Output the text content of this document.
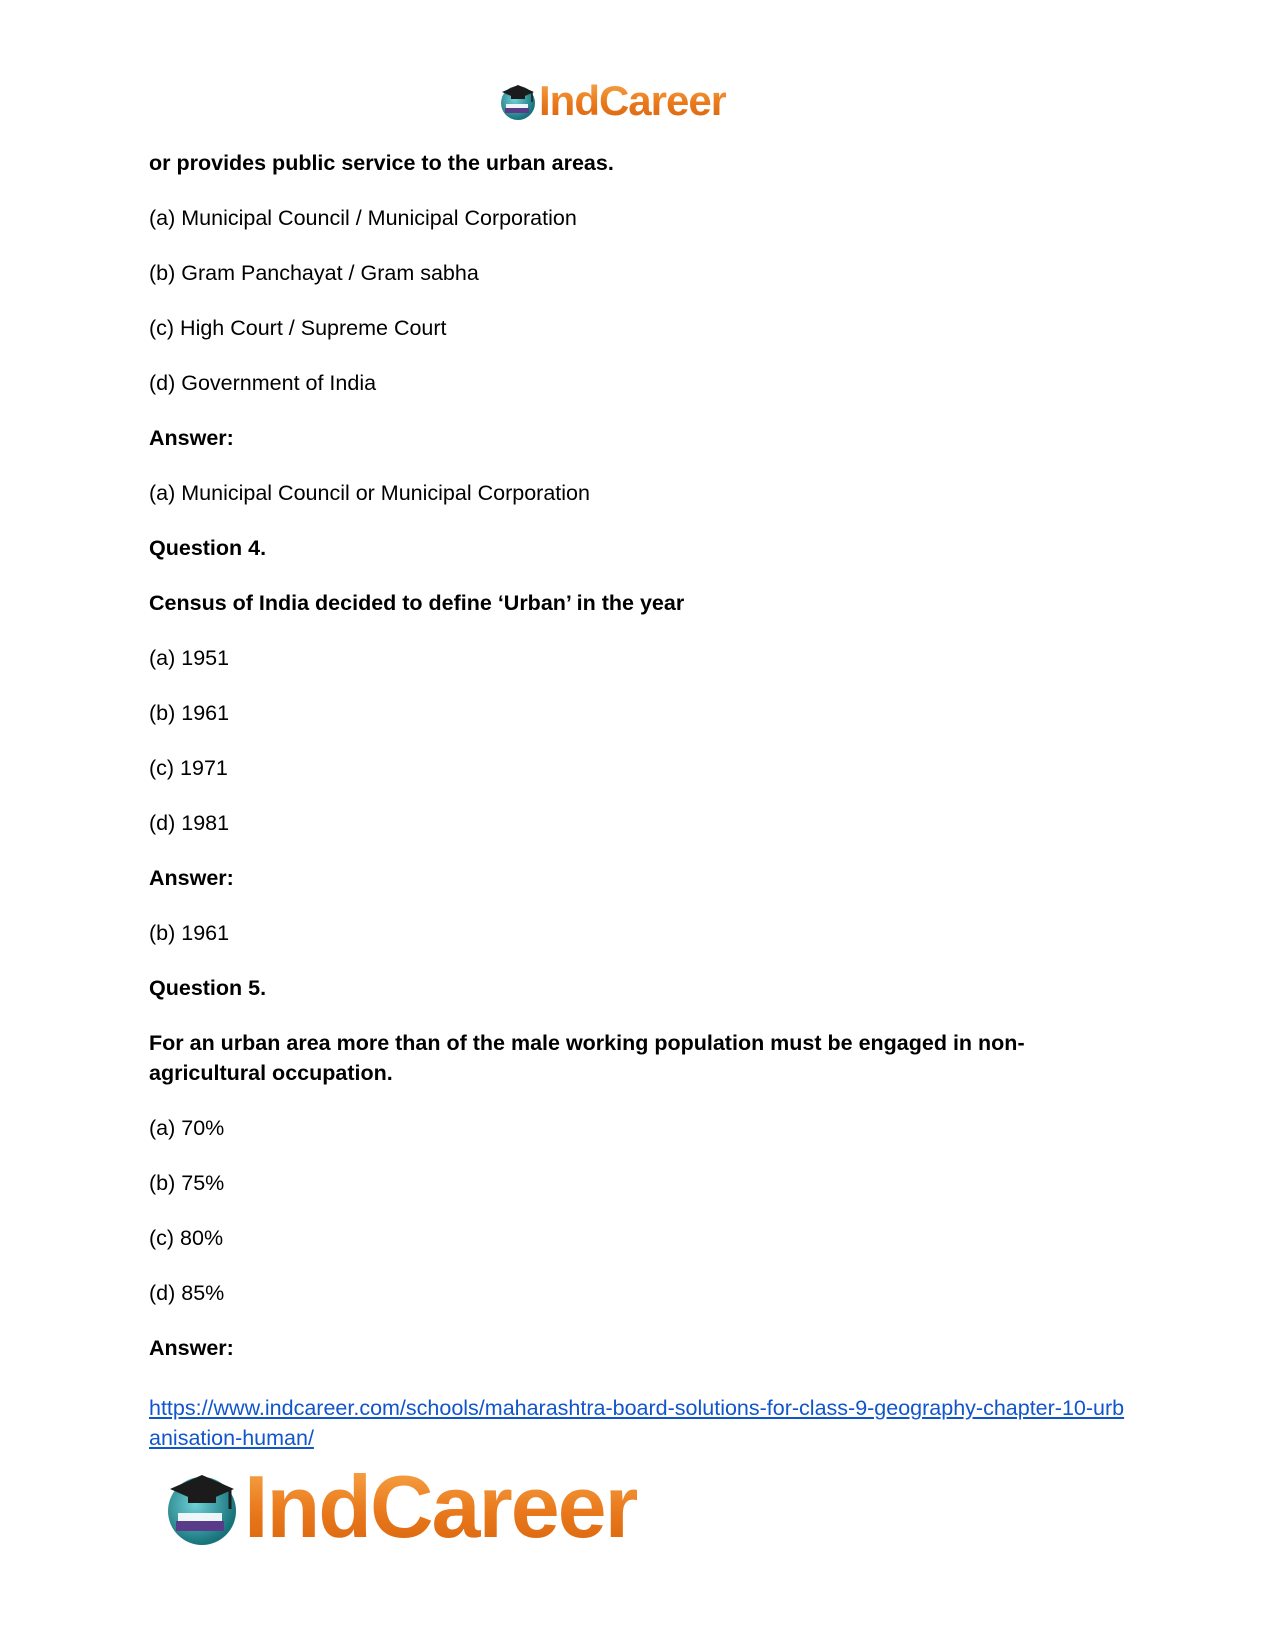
IndCareer

or provides public service to the urban areas.

(a) Municipal Council / Municipal Corporation

(b) Gram Panchayat / Gram sabha

(c) High Court / Supreme Court

(d) Government of India

Answer:

(a) Municipal Council or Municipal Corporation

Question 4.

Census of India decided to define ‘Urban’ in the year

(a) 1951

(b) 1961

(c) 1971

(d) 1981

Answer:

(b) 1961

Question 5.

For an urban area more than of the male working population must be engaged in non-agricultural occupation.

(a) 70%

(b) 75%

(c) 80%

(d) 85%

Answer:

https://www.indcareer.com/schools/maharashtra-board-solutions-for-class-9-geography-chapter-10-urbanisation-human/
IndCareer
